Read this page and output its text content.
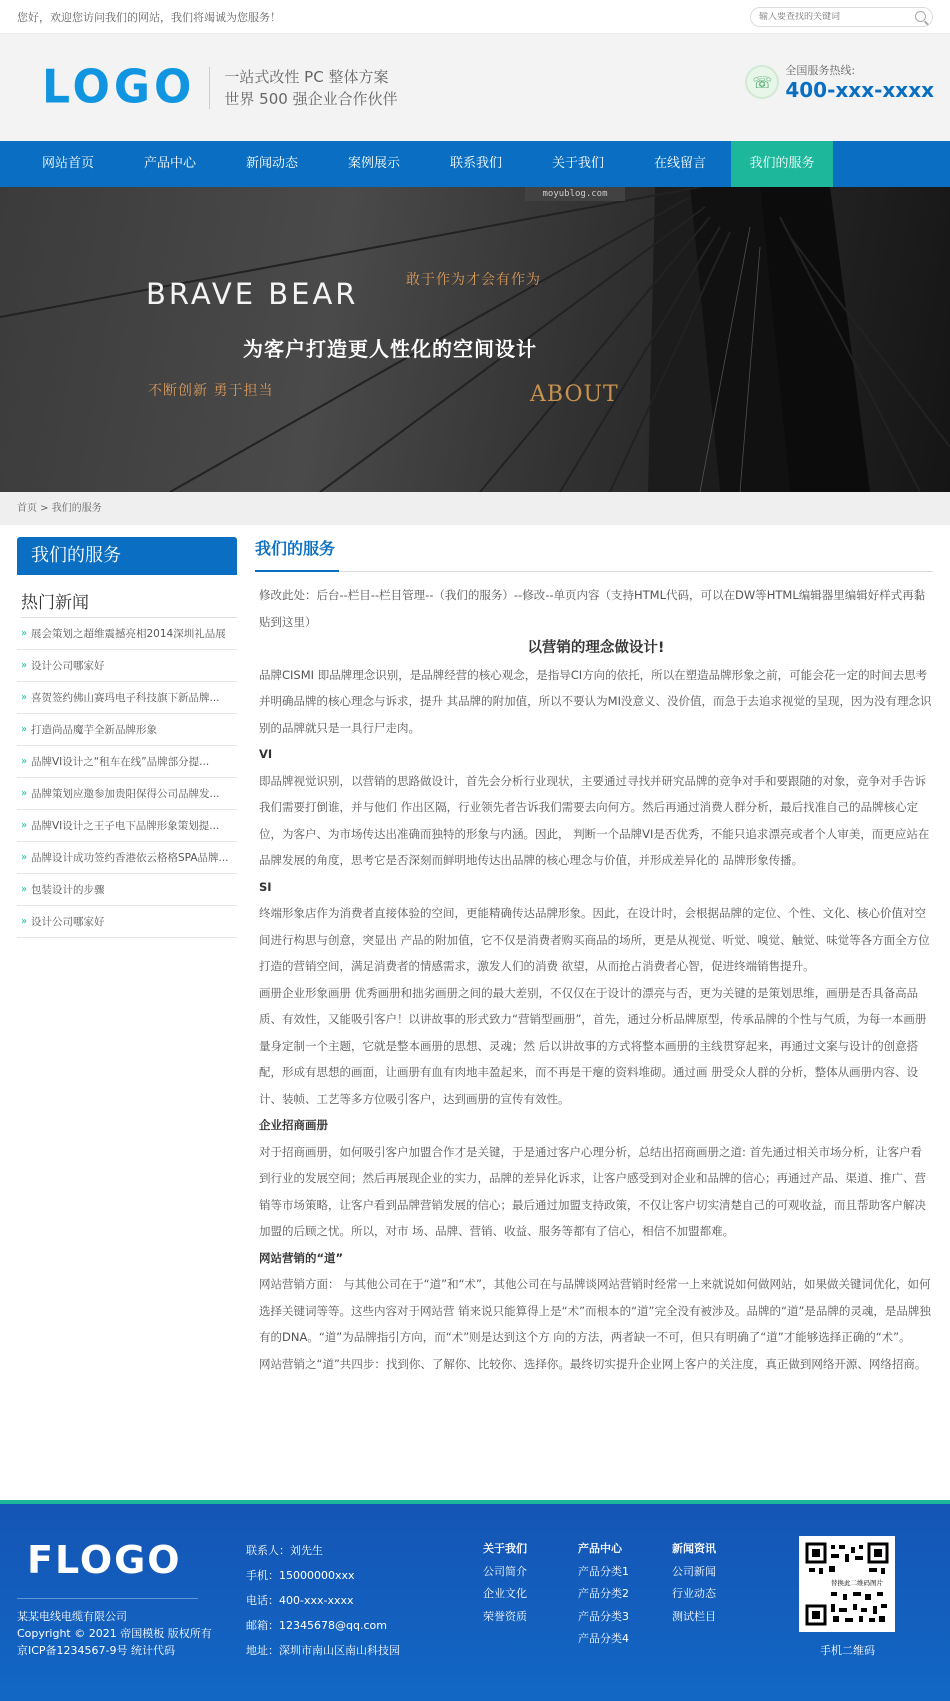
您好，欢迎您访问我们的网站，我们将竭诚为您服务！
输入要查找的关键词
LOGO 一站式改性 PC 整体方案
世界 500 强企业合作伙伴
☏
全国服务热线:
400-xxx-xxxx
网站首页	产品中心	新闻动态	案例展示	联系我们	关于我们	在线留言	我们的服务
moyublog.com
BRAVE BEAR	敢于作为才会有作为
为客户打造更人性化的空间设计
不断创新 勇于担当	ABOUT
首页 > 我们的服务
我们的服务
热门新闻
» 展会策划之超维震撼亮相2014深圳礼品展
» 设计公司哪家好
» 喜贺签约佛山赛玛电子科技旗下新品牌...
» 打造尚品魔芋全新品牌形象
» 品牌VI设计之“租车在线”品牌部分提...
» 品牌策划应邀参加贵阳保得公司品牌发...
» 品牌VI设计之王子电下品牌形象策划提...
» 品牌设计成功签约香港依云格格SPA品牌...
» 包装设计的步骤
» 设计公司哪家好
我们的服务

修改此处：后台--栏目--栏目管理--（我们的服务）--修改--单页内容（支持HTML代码，可以在DW等HTML编辑器里编辑好样式再黏贴到这里）

以营销的理念做设计!

品牌CISMI 即品牌理念识别，是品牌经营的核心观念，是指导CI方向的依托，所以在塑造品牌形象之前，可能会花一定的时间去思考并明确品牌的核心理念与诉求，提升 其品牌的附加值，所以不要认为MI没意义、没价值，而急于去追求视觉的呈现，因为没有理念识别的品牌就只是一具行尸走肉。

VI

即品牌视觉识别，以营销的思路做设计，首先会分析行业现状，主要通过寻找并研究品牌的竞争对手和要跟随的对象，竞争对手告诉我们需要打倒谁，并与他们 作出区隔，行业领先者告诉我们需要去向何方。然后再通过消费人群分析，最后找准自己的品牌核心定位，为客户、为市场传达出准确而独特的形象与内涵。因此， 判断一个品牌VI是否优秀，不能只追求漂亮或者个人审美，而更应站在品牌发展的角度，思考它是否深刻而鲜明地传达出品牌的核心理念与价值，并形成差异化的 品牌形象传播。

SI

终端形象店作为消费者直接体验的空间，更能精确传达品牌形象。因此，在设计时，会根据品牌的定位、个性、文化、核心价值对空间进行构思与创意，突显出 产品的附加值，它不仅是消费者购买商品的场所，更是从视觉、听觉、嗅觉、触觉、味觉等各方面全方位打造的营销空间，满足消费者的情感需求，激发人们的消费 欲望，从而抢占消费者心智，促进终端销售提升。

画册企业形象画册 优秀画册和拙劣画册之间的最大差别，不仅仅在于设计的漂亮与否，更为关键的是策划思维，画册是否具备高品质、有效性，又能吸引客户！以讲故事的形式致力“营销型画册”，首先，通过分析品牌原型，传承品牌的个性与气质，为每一本画册量身定制一个主题，它就是整本画册的思想、灵魂；然 后以讲故事的方式将整本画册的主线贯穿起来，再通过文案与设计的创意搭配，形成有思想的画面，让画册有血有肉地丰盈起来，而不再是干瘪的资料堆砌。通过画 册受众人群的分析，整体从画册内容、设计、装帧、工艺等多方位吸引客户，达到画册的宣传有效性。

企业招商画册

对于招商画册，如何吸引客户加盟合作才是关键，于是通过客户心理分析，总结出招商画册之道: 首先通过相关市场分析，让客户看到行业的发展空间；然后再展现企业的实力，品牌的差异化诉求，让客户感受到对企业和品牌的信心；再通过产品、渠道、推广、营 销等市场策略，让客户看到品牌营销发展的信心；最后通过加盟支持政策，不仅让客户切实清楚自己的可观收益，而且帮助客户解决加盟的后顾之忧。所以，对市 场、品牌、营销、收益、服务等都有了信心，相信不加盟都难。

网站营销的“道”

网站营销方面： 与其他公司在于“道”和“术”，其他公司在与品牌谈网站营销时经常一上来就说如何做网站，如果做关键词优化，如何选择关键词等等。这些内容对于网站营 销来说只能算得上是“术”而根本的“道”完全没有被涉及。品牌的“道”是品牌的灵魂，是品牌独有的DNA。“道”为品牌指引方向，而“术”则是达到这个方 向的方法，两者缺一不可，但只有明确了“道”才能够选择正确的“术”。

网站营销之“道”共四步：找到你、了解你、比较你、选择你。最终切实提升企业网上客户的关注度，真正做到网络开源、网络招商。

FLOGO
某某电线电缆有限公司
Copyright © 2021 帝国模板 版权所有
京ICP备1234567-9号 统计代码
联系人：刘先生
手机：15000000xxx
电话：400-xxx-xxxx
邮箱：12345678@qq.com
地址：深圳市南山区南山科技园
关于我们
公司简介
企业文化
荣誉资质
产品中心
产品分类1
产品分类2
产品分类3
产品分类4
新闻资讯
公司新闻
行业动态
测试栏目
替换此二维码图片
手机二维码
